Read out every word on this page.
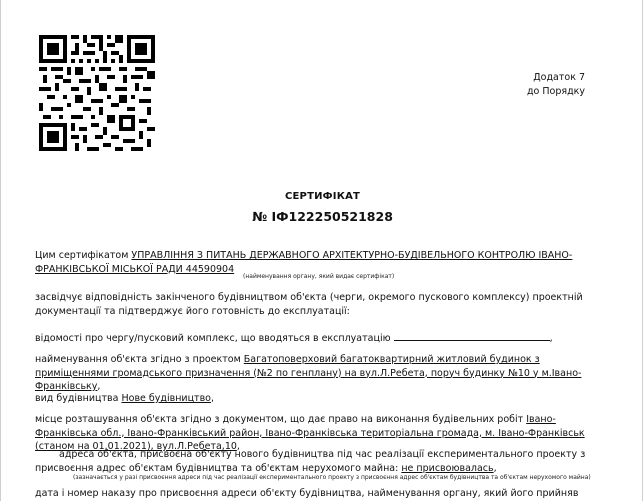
Додаток 7
до Порядку
СЕРТИФІКАТ
№ ІФ122250521828
Цим сертифікатом УПРАВЛІННЯ З ПИТАНЬ ДЕРЖАВНОГО АРХІТЕКТУРНО-БУДІВЕЛЬНОГО КОНТРОЛЮ ІВАНО-ФРАНКІВСЬКОЇ МІСЬКОЇ РАДИ 44590904
(найменування органу, який видає сертифікат)
засвідчує відповідність закінченого будівництвом об'єкта (черги, окремого пускового комплексу) проектній документації та підтверджує його готовність до експлуатації:
відомості про чергу/пусковий комплекс, що вводяться в експлуатацію	,
найменування об'єкта згідно з проектом Багатоповерховий багатоквартирний житловий будинок з приміщеннями громадського призначення (№2 по генплану) на вул.Л.Ребета, поруч будинку №10 у м.Івано-Франківську,
вид будівництва Нове будівництво,
місце розташування об'єкта згідно з документом, що дає право на виконання будівельних робіт Івано-Франківська обл., Івано-Франківський район, Івано-Франківська територіальна громада, м. Івано-Франківськ (станом на 01.01.2021), вул.Л.Ребета,10,
адреса об'єкта, присвоєна об'єкту нового будівництва під час реалізації експериментального проекту з присвоєння адрес об'єктам будівництва та об'єктам нерухомого майна: не присвоювалась,
(зазначається у разі присвоєння адреси під час реалізації експериментального проекту з присвоєння адрес об'єктам будівництва та об'єктам нерухомого майна)
дата і номер наказу про присвоєння адреси об'єкту будівництва, найменування органу, який його прийняв
